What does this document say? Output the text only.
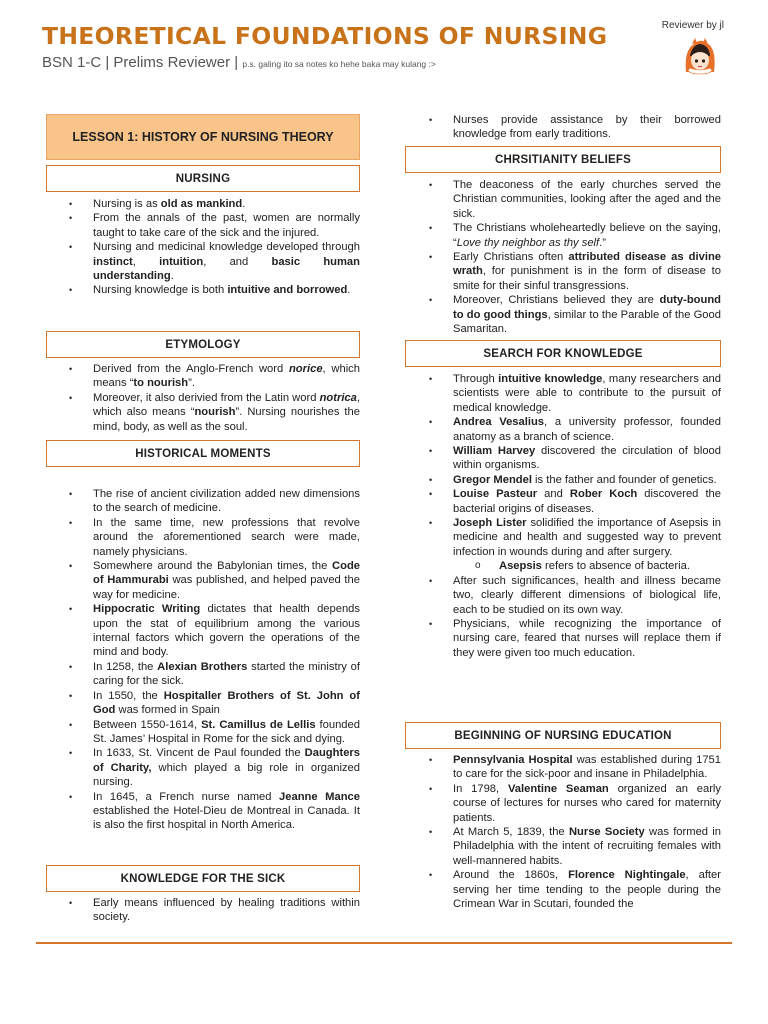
THEORETICAL FOUNDATIONS OF NURSING
BSN 1-C | Prelims Reviewer | p.s. galing ito sa notes ko hehe baka may kulang :>
Reviewer by jl
LESSON 1: HISTORY OF NURSING THEORY
NURSING
• Nursing is as old as mankind.
• From the annals of the past, women are normally taught to take care of the sick and the injured.
• Nursing and medicinal knowledge developed through instinct, intuition, and basic human understanding.
• Nursing knowledge is both intuitive and borrowed.
ETYMOLOGY
• Derived from the Anglo-French word norice, which means “to nourish”.
• Moreover, it also derivied from the Latin word notrica, which also means “nourish”. Nursing nourishes the mind, body, as well as the soul.
HISTORICAL MOMENTS
• The rise of ancient civilization added new dimensions to the search of medicine.
• In the same time, new professions that revolve around the aforementioned search were made, namely physicians.
• Somewhere around the Babylonian times, the Code of Hammurabi was published, and helped paved the way for medicine.
• Hippocratic Writing dictates that health depends upon the stat of equilibrium among the various internal factors which govern the operations of the mind and body.
• In 1258, the Alexian Brothers started the ministry of caring for the sick.
• In 1550, the Hospitaller Brothers of St. John of God was formed in Spain
• Between 1550-1614, St. Camillus de Lellis founded St. James’ Hospital in Rome for the sick and dying.
• In 1633, St. Vincent de Paul founded the Daughters of Charity, which played a big role in organized nursing.
• In 1645, a French nurse named Jeanne Mance established the Hotel-Dieu de Montreal in Canada. It is also the first hospital in North America.
KNOWLEDGE FOR THE SICK
• Early means influenced by healing traditions within society.
• Nurses provide assistance by their borrowed knowledge from early traditions.
CHRSITIANITY BELIEFS
• The deaconess of the early churches served the Christian communities, looking after the aged and the sick.
• The Christians wholeheartedly believe on the saying, “Love thy neighbor as thy self.”
• Early Christians often attributed disease as divine wrath, for punishment is in the form of disease to smite for their sinful transgressions.
• Moreover, Christians believed they are duty-bound to do good things, similar to the Parable of the Good Samaritan.
SEARCH FOR KNOWLEDGE
• Through intuitive knowledge, many researchers and scientists were able to contribute to the pursuit of medical knowledge.
• Andrea Vesalius, a university professor, founded anatomy as a branch of science.
• William Harvey discovered the circulation of blood within organisms.
• Gregor Mendel is the father and founder of genetics.
• Louise Pasteur and Rober Koch discovered the bacterial origins of diseases.
• Joseph Lister solidified the importance of Asepsis in medicine and health and suggested way to prevent infection in wounds during and after surgery.
o Asepsis refers to absence of bacteria.
• After such significances, health and illness became two, clearly different dimensions of biological life, each to be studied on its own way.
• Physicians, while recognizing the importance of nursing care, feared that nurses will replace them if they were given too much education.
BEGINNING OF NURSING EDUCATION
• Pennsylvania Hospital was established during 1751 to care for the sick-poor and insane in Philadelphia.
• In 1798, Valentine Seaman organized an early course of lectures for nurses who cared for maternity patients.
• At March 5, 1839, the Nurse Society was formed in Philadelphia with the intent of recruiting females with well-mannered habits.
• Around the 1860s, Florence Nightingale, after serving her time tending to the people during the Crimean War in Scutari, founded the
